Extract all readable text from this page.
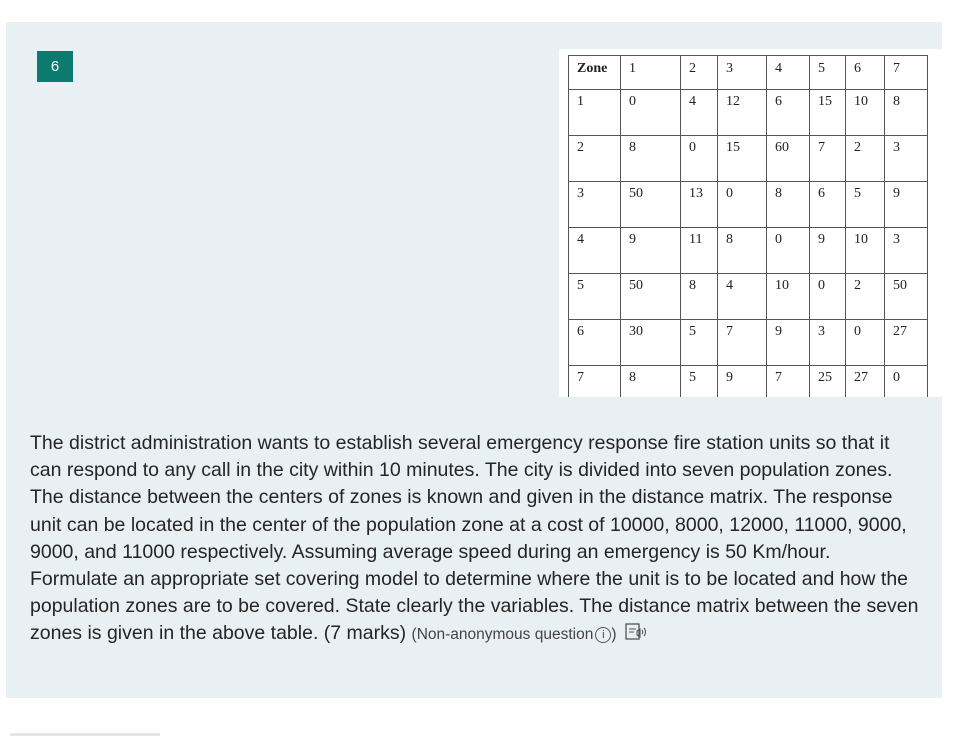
6	Zone	1	2	3	4	5	6	7
1	0	4	12	6	15	10	8
2	8	0	15	60	7	2	3
3	50	13	0	8	6	5	9
4	9	11	8	0	9	10	3
5	50	8	4	10	0	2	50
6	30	5	7	9	3	0	27
7	8	5	9	7	25	27	0
The district administration wants to establish several emergency response fire station units so that it can respond to any call in the city within 10 minutes. The city is divided into seven population zones. The distance between the centers of zones is known and given in the distance matrix. The response unit can be located in the center of the population zone at a cost of 10000, 8000, 12000, 11000, 9000, 9000, and 11000 respectively. Assuming average speed during an emergency is 50 Km/hour. Formulate an appropriate set covering model to determine where the unit is to be located and how the population zones are to be covered. State clearly the variables. The distance matrix between the seven zones is given in the above table. (7 marks) (Non-anonymous question i )
